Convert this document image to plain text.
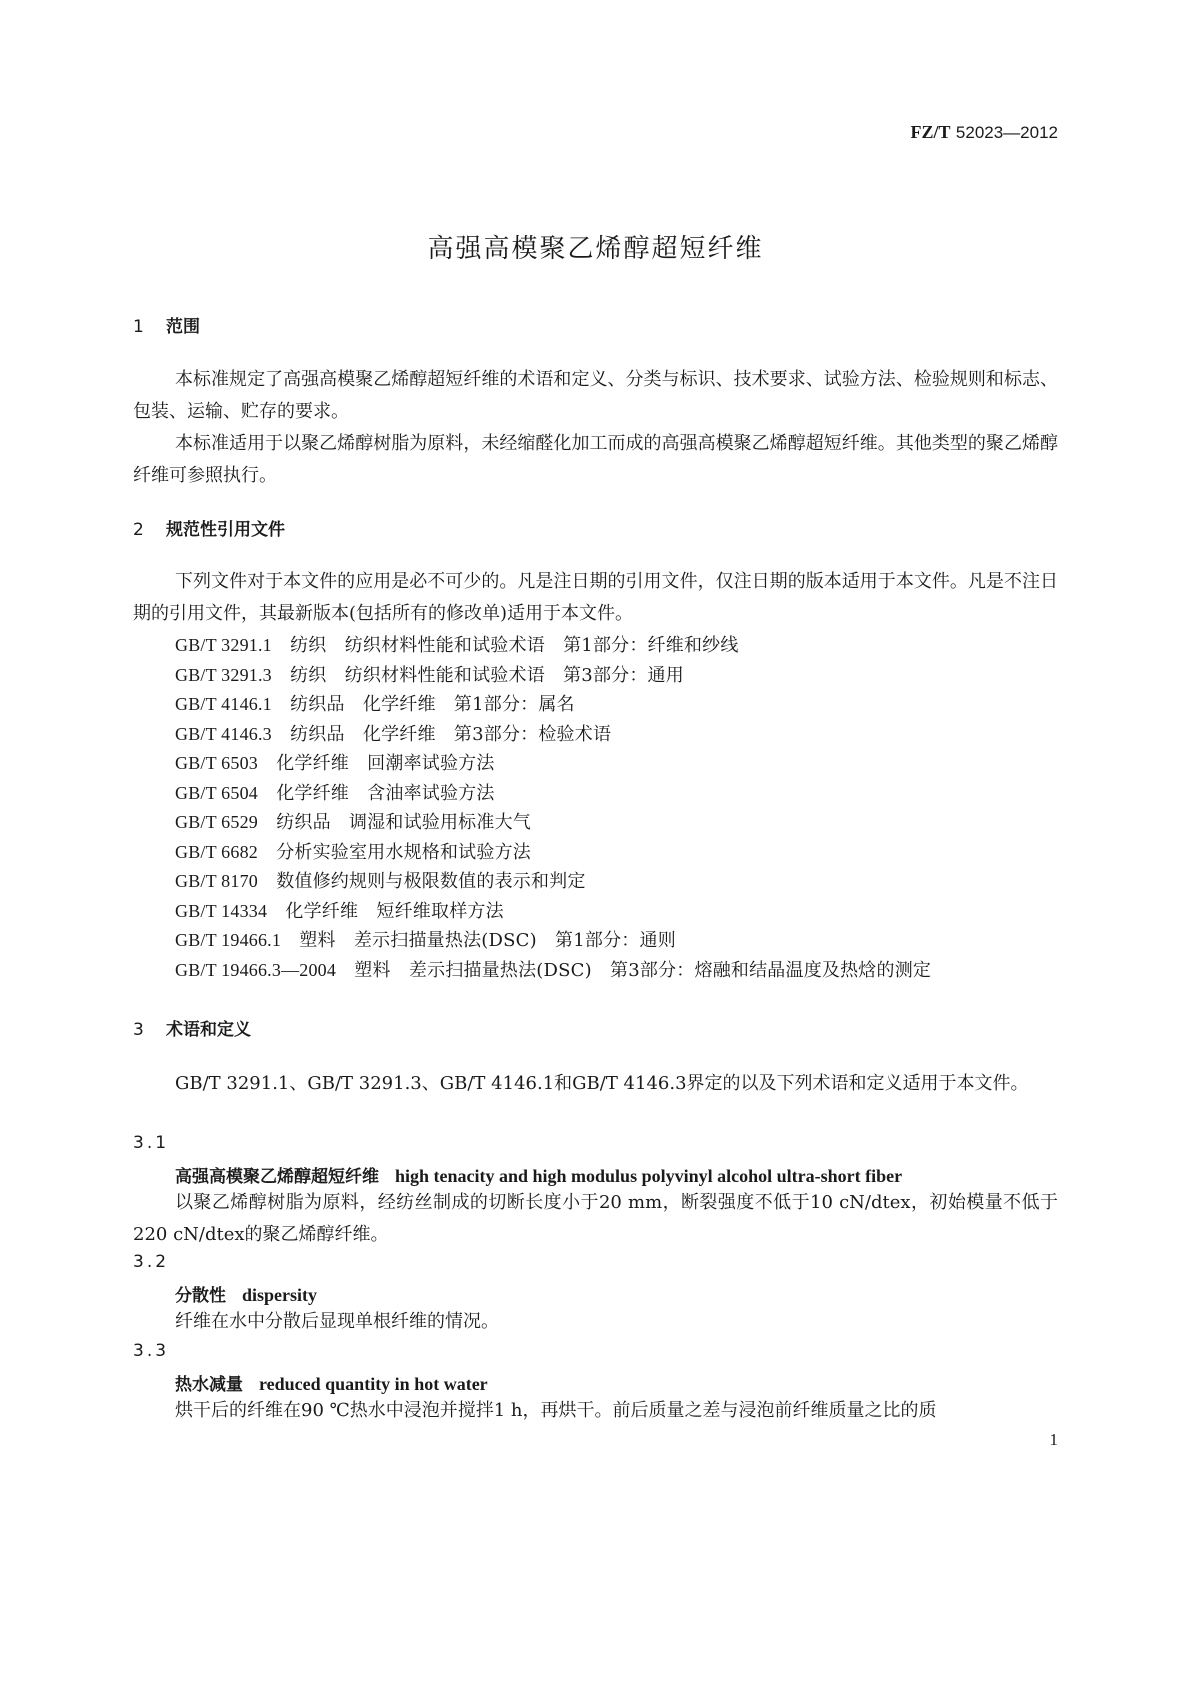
FZ/T 52023—2012
高强高模聚乙烯醇超短纤维
1 范围

本标准规定了高强高模聚乙烯醇超短纤维的术语和定义、分类与标识、技术要求、试验方法、检验规则和标志、包装、运输、贮存的要求。

本标准适用于以聚乙烯醇树脂为原料，未经缩醛化加工而成的高强高模聚乙烯醇超短纤维。其他类型的聚乙烯醇纤维可参照执行。

2 规范性引用文件

下列文件对于本文件的应用是必不可少的。凡是注日期的引用文件，仅注日期的版本适用于本文件。凡是不注日期的引用文件，其最新版本(包括所有的修改单)适用于本文件。

GB/T 3291.1　 纺织　纺织材料性能和试验术语　第1部分：纤维和纱线
GB/T 3291.3　 纺织　纺织材料性能和试验术语　第3部分：通用
GB/T 4146.1　 纺织品　化学纤维　第1部分：属名
GB/T 4146.3　 纺织品　化学纤维　第3部分：检验术语
GB/T 6503　 化学纤维　回潮率试验方法
GB/T 6504　 化学纤维　含油率试验方法
GB/T 6529　 纺织品　调湿和试验用标准大气
GB/T 6682　 分析实验室用水规格和试验方法
GB/T 8170　 数值修约规则与极限数值的表示和判定
GB/T 14334　 化学纤维　短纤维取样方法
GB/T 19466.1　 塑料　差示扫描量热法(DSC)　第1部分：通则
GB/T 19466.3—2004　 塑料　差示扫描量热法(DSC)　第3部分：熔融和结晶温度及热焓的测定
3 术语和定义

GB/T 3291.1、GB/T 3291.3、GB/T 4146.1和GB/T 4146.3界定的以及下列术语和定义适用于本文件。

3.1
高强高模聚乙烯醇超短纤维 high tenacity and high modulus polyvinyl alcohol ultra-short fiber

以聚乙烯醇树脂为原料，经纺丝制成的切断长度小于20 mm，断裂强度不低于10 cN/dtex，初始模量不低于220 cN/dtex的聚乙烯醇纤维。

3.2
分散性 dispersity

纤维在水中分散后显现单根纤维的情况。

3.3
热水减量 reduced quantity in hot water

烘干后的纤维在90 ℃热水中浸泡并搅拌1 h，再烘干。前后质量之差与浸泡前纤维质量之比的质

1
